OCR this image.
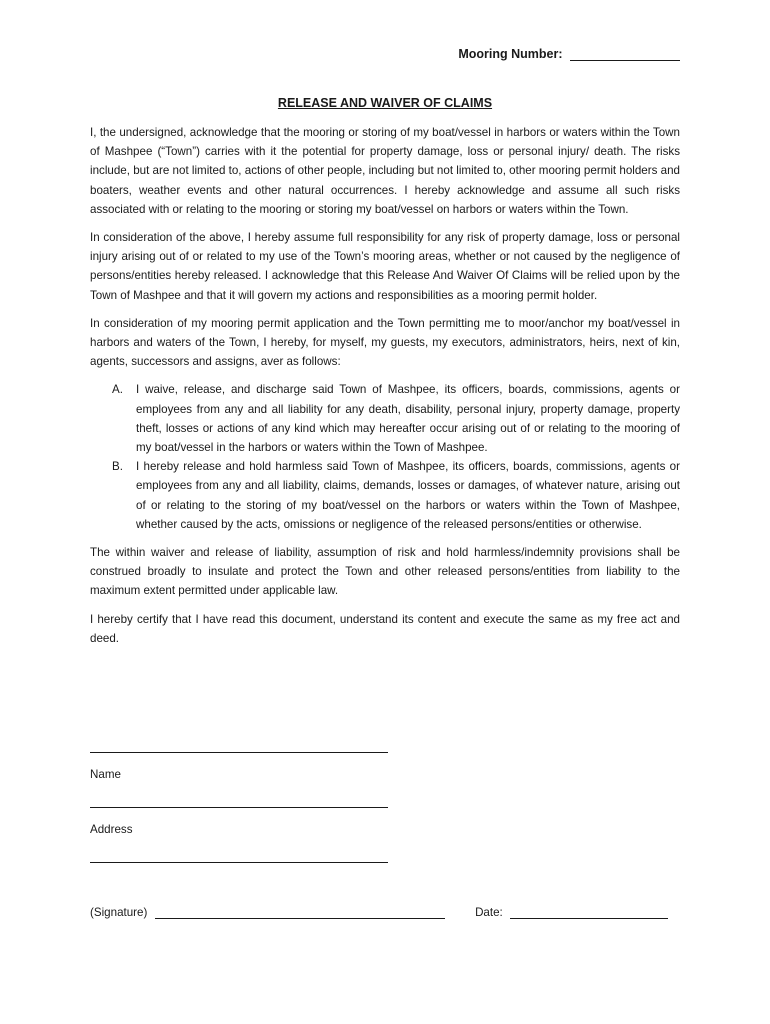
Mooring Number:
RELEASE AND WAIVER OF CLAIMS

I, the undersigned, acknowledge that the mooring or storing of my boat/vessel in harbors or waters within the Town of Mashpee (“Town”) carries with it the potential for property damage, loss or personal injury/ death. The risks include, but are not limited to, actions of other people, including but not limited to, other mooring permit holders and boaters, weather events and other natural occurrences. I hereby acknowledge and assume all such risks associated with or relating to the mooring or storing my boat/vessel on harbors or waters within the Town.

In consideration of the above, I hereby assume full responsibility for any risk of property damage, loss or personal injury arising out of or related to my use of the Town’s mooring areas, whether or not caused by the negligence of persons/entities hereby released. I acknowledge that this Release And Waiver Of Claims will be relied upon by the Town of Mashpee and that it will govern my actions and responsibilities as a mooring permit holder.

In consideration of my mooring permit application and the Town permitting me to moor/anchor my boat/vessel in harbors and waters of the Town, I hereby, for myself, my guests, my executors, administrators, heirs, next of kin, agents, successors and assigns, aver as follows:

A. I waive, release, and discharge said Town of Mashpee, its officers, boards, commissions, agents or employees from any and all liability for any death, disability, personal injury, property damage, property theft, losses or actions of any kind which may hereafter occur arising out of or relating to the mooring of my boat/vessel in the harbors or waters within the Town of Mashpee.
B. I hereby release and hold harmless said Town of Mashpee, its officers, boards, commissions, agents or employees from any and all liability, claims, demands, losses or damages, of whatever nature, arising out of or relating to the storing of my boat/vessel on the harbors or waters within the Town of Mashpee, whether caused by the acts, omissions or negligence of the released persons/entities or otherwise.

The within waiver and release of liability, assumption of risk and hold harmless/indemnity provisions shall be construed broadly to insulate and protect the Town and other released persons/entities from liability to the maximum extent permitted under applicable law.

I hereby certify that I have read this document, understand its content and execute the same as my free act and deed.

Name
Address
(Signature)	Date:
